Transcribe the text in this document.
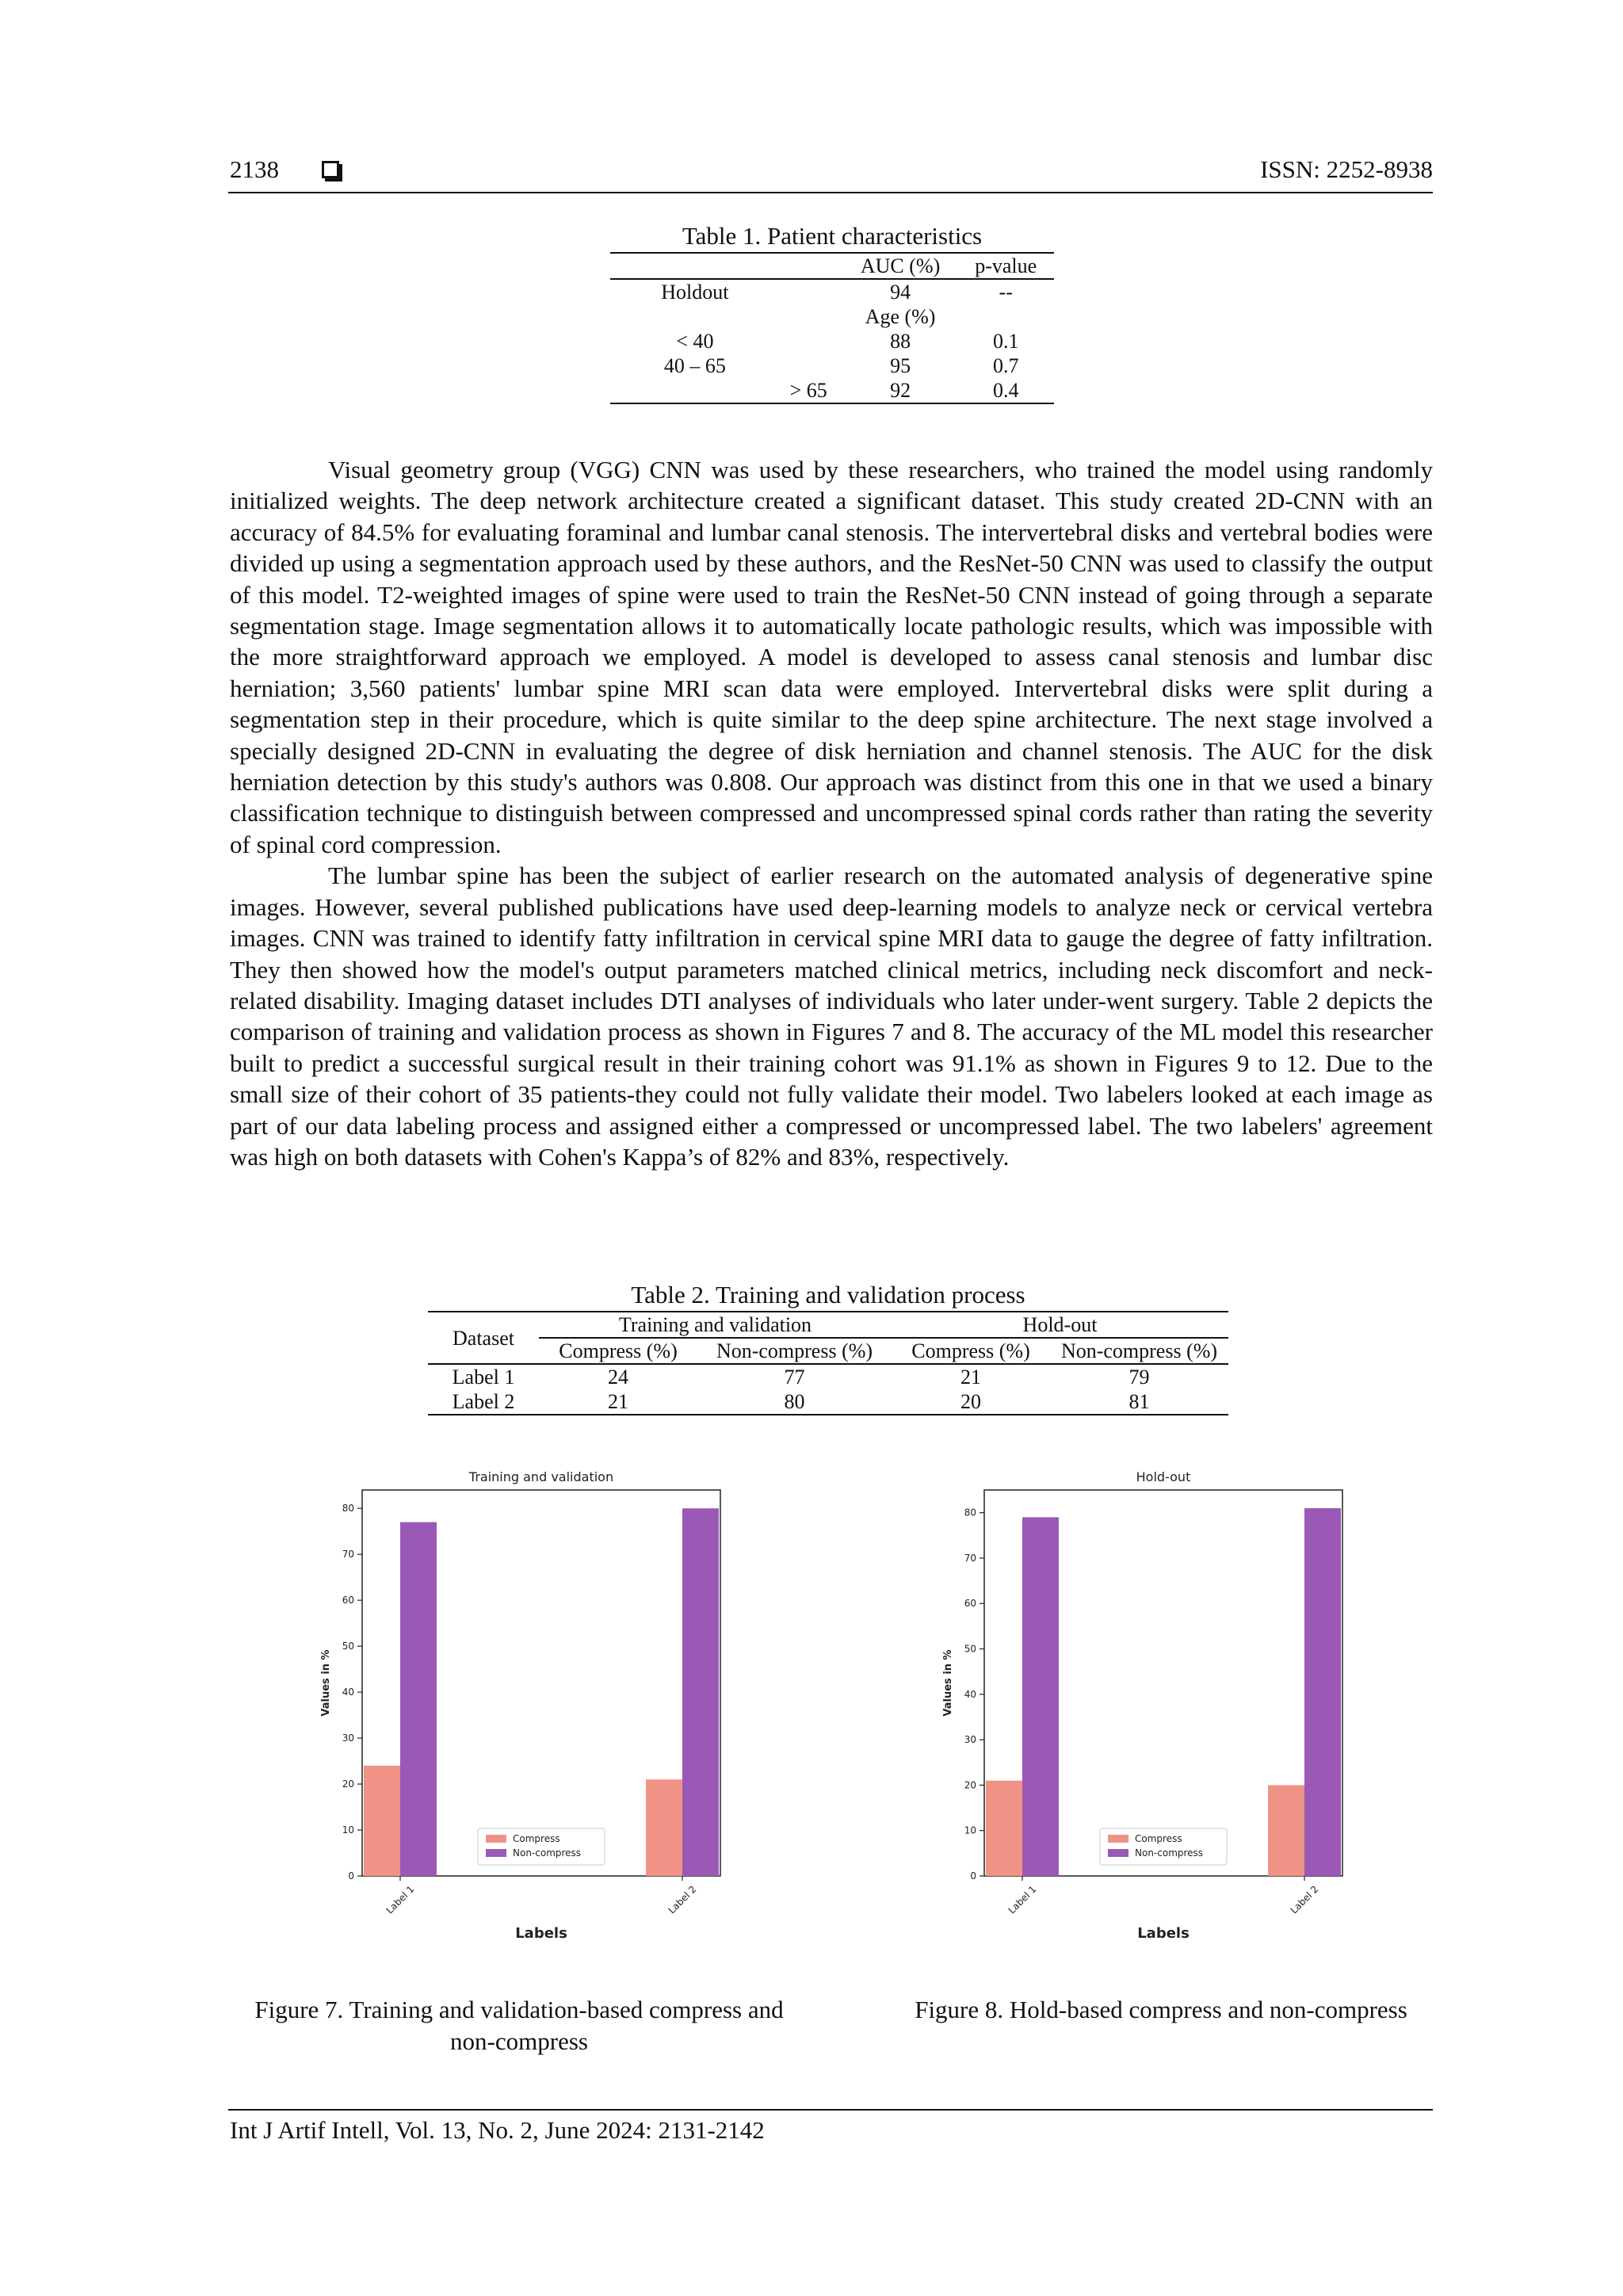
2138	ISSN: 2252-8938
Table 1. Patient characteristics
	AUC (%)	p-value
Holdout	94	--
	Age (%)	
< 40	88	0.1
40 – 65	95	0.7
> 65	92	0.4

Visual geometry group (VGG) CNN was used by these researchers, who trained the model using randomly initialized weights. The deep network architecture created a significant dataset. This study created 2D-CNN with an accuracy of 84.5% for evaluating foraminal and lumbar canal stenosis. The intervertebral disks and vertebral bodies were divided up using a segmentation approach used by these authors, and the ResNet-50 CNN was used to classify the output of this model. T2-weighted images of spine were used to train the ResNet-50 CNN instead of going through a separate segmentation stage. Image segmentation allows it to automatically locate pathologic results, which was impossible with the more straightforward approach we employed. A model is developed to assess canal stenosis and lumbar disc herniation; 3,560 patients' lumbar spine MRI scan data were employed. Intervertebral disks were split during a segmentation step in their procedure, which is quite similar to the deep spine architecture. The next stage involved a specially designed 2D-CNN in evaluating the degree of disk herniation and channel stenosis. The AUC for the disk herniation detection by this study's authors was 0.808. Our approach was distinct from this one in that we used a binary classification technique to distinguish between compressed and uncompressed spinal cords rather than rating the severity of spinal cord compression.

The lumbar spine has been the subject of earlier research on the automated analysis of degenerative spine images. However, several published publications have used deep-learning models to analyze neck or cervical vertebra images. CNN was trained to identify fatty infiltration in cervical spine MRI data to gauge the degree of fatty infiltration. They then showed how the model's output parameters matched clinical metrics, including neck discomfort and neck-related disability. Imaging dataset includes DTI analyses of individuals who later under-went surgery. Table 2 depicts the comparison of training and validation process as shown in Figures 7 and 8. The accuracy of the ML model this researcher built to predict a successful surgical result in their training cohort was 91.1% as shown in Figures 9 to 12. Due to the small size of their cohort of 35 patients-they could not fully validate their model. Two labelers looked at each image as part of our data labeling process and assigned either a compressed or uncompressed label. The two labelers' agreement was high on both datasets with Cohen's Kappa’s of 82% and 83%, respectively.

Table 2. Training and validation process
Dataset	Training and validation		Hold-out	
	Compress (%)	Non-compress (%)	Compress (%)	Non-compress (%)
Label 1	24	77	21	79
Label 2	21	80	20	81
Training and validation
0
10
20
30
40
50
60
70
80
Label 1	Label 2
Labels
Values in %
Compress
Non-compress
Hold-out
0
10
20
30
40
50
60
70
80
Label 1	Label 2
Labels
Values in %
Compress
Non-compress
Figure 7. Training and validation-based compress and
non-compress
Figure 8. Hold-based compress and non-compress
Int J Artif Intell, Vol. 13, No. 2, June 2024: 2131-2142
